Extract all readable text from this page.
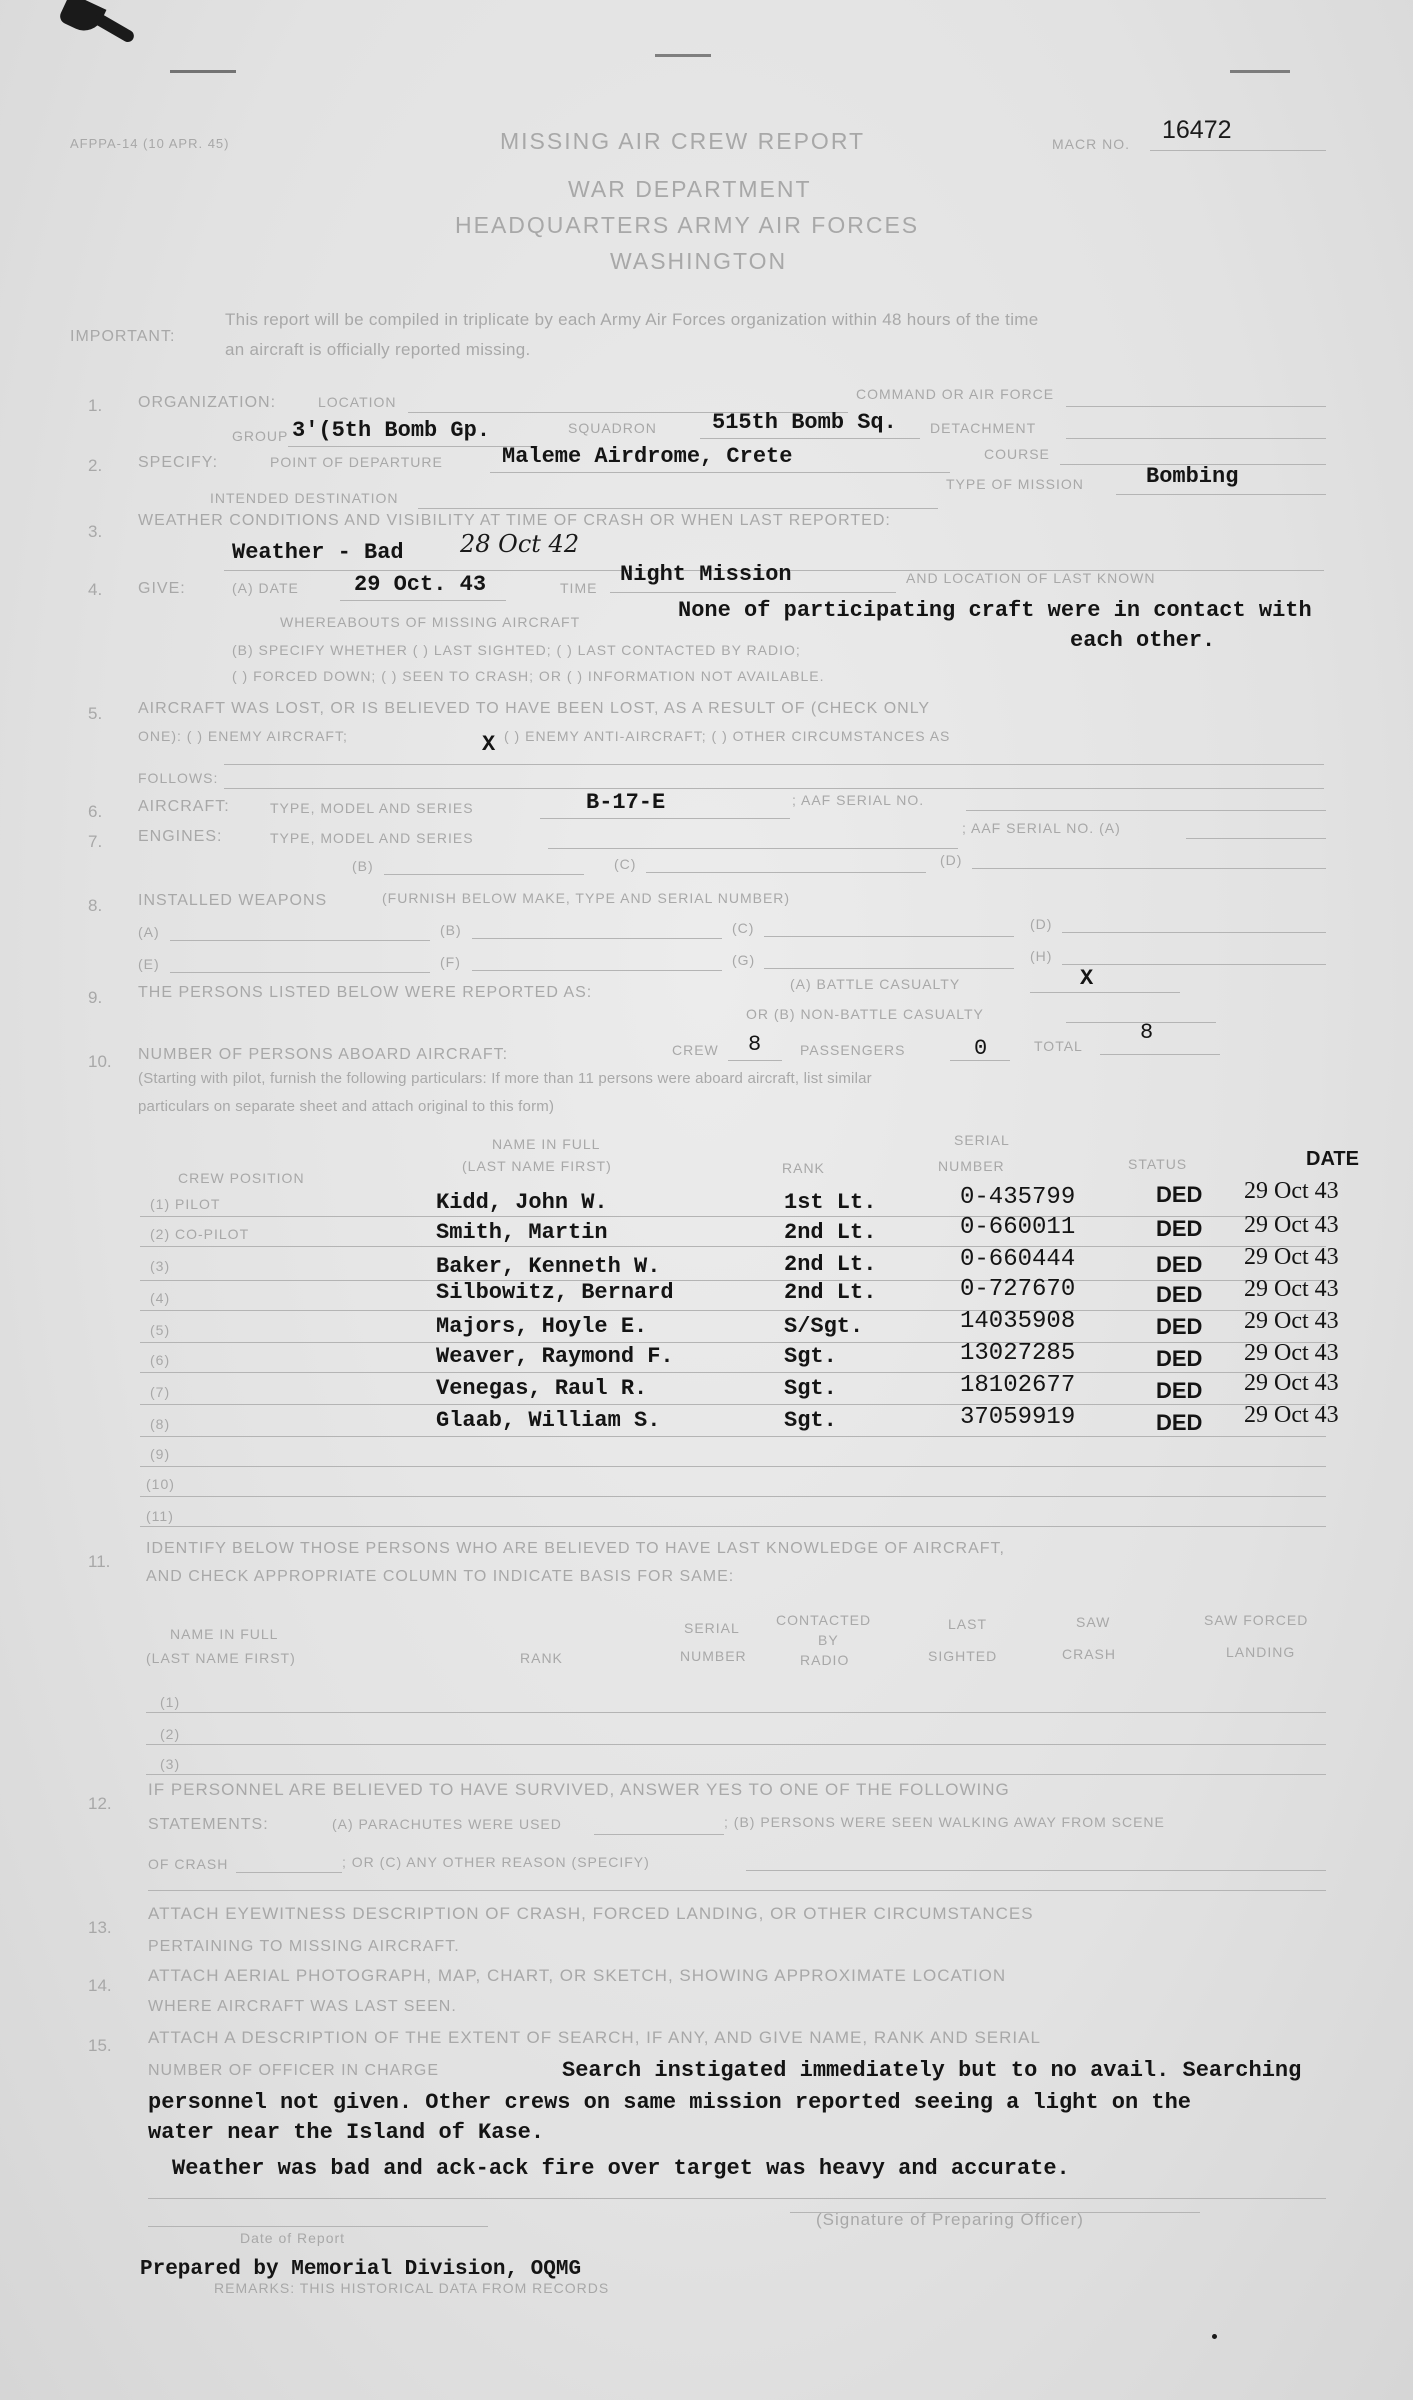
AFPPA-14 (10 APR. 45)	MISSING AIR CREW REPORT	MACR NO. 16472
WAR DEPARTMENT
HEADQUARTERS ARMY AIR FORCES
WASHINGTON
IMPORTANT:
This report will be compiled in triplicate by each Army Air Forces organization within 48 hours of the time
an aircraft is officially reported missing.
1. ORGANIZATION:	LOCATION	COMMAND OR AIR FORCE
GROUP 3'(5th Bomb Gp.	SQUADRON	515th Bomb Sq. DETACHMENT
2. SPECIFY:	POINT OF DEPARTURE	Maleme Airdrome, Crete	COURSE
INTENDED DESTINATION
TYPE OF MISSION	Bombing
3.
WEATHER CONDITIONS AND VISIBILITY AT TIME OF CRASH OR WHEN LAST REPORTED:
Weather - Bad 28 Oct 42
4. GIVE:	(A) DATE	29 Oct. 43	TIME
Night Mission	AND LOCATION OF LAST KNOWN
WHEREABOUTS OF MISSING AIRCRAFT	None of participating craft were in contact with
each other.
(B) SPECIFY WHETHER ( ) LAST SIGHTED; ( ) LAST CONTACTED BY RADIO;
( ) FORCED DOWN; ( ) SEEN TO CRASH; OR ( ) INFORMATION NOT AVAILABLE.
5. AIRCRAFT WAS LOST, OR IS BELIEVED TO HAVE BEEN LOST, AS A RESULT OF (CHECK ONLY
ONE): ( ) ENEMY AIRCRAFT;	X ( ) ENEMY ANTI-AIRCRAFT; ( ) OTHER CIRCUMSTANCES AS
FOLLOWS:
6. AIRCRAFT:	TYPE, MODEL AND SERIES	B-17-E	; AAF SERIAL NO.
7. ENGINES:	TYPE, MODEL AND SERIES
; AAF SERIAL NO. (A)
(B)	(C)	(D)
8. INSTALLED WEAPONS	(FURNISH BELOW MAKE, TYPE AND SERIAL NUMBER)
(A)	(B)	(C)	(D)
(E)	(F)	(G)	(H)
9. THE PERSONS LISTED BELOW WERE REPORTED AS:	(A) BATTLE CASUALTY	X
OR (B) NON-BATTLE CASUALTY
10. NUMBER OF PERSONS ABOARD AIRCRAFT:	CREW 8	PASSENGERS	0	TOTAL
8
(Starting with pilot, furnish the following particulars: If more than 11 persons were aboard aircraft, list similar
particulars on separate sheet and attach original to this form)
NAME IN FULL
(LAST NAME FIRST)
SERIAL
CREW POSITION
RANK	NUMBER	STATUS	DATE
(1) PILOT	Kidd, John W.	1st Lt.	0-435799	DED 29 Oct 43
(2) CO-PILOT	Smith, Martin	2nd Lt.	0-660011	DED 29 Oct 43
(3)	Baker, Kenneth W.	2nd Lt.	0-660444	DED 29 Oct 43
(4)	Silbowitz, Bernard	2nd Lt.	0-727670	DED 29 Oct 43
(5)	Majors, Hoyle E.	S/Sgt.	14035908	DED 29 Oct 43
(6)	Weaver, Raymond F.	Sgt.	13027285	DED 29 Oct 43
(7)	Venegas, Raul R.	Sgt.	18102677	DED 29 Oct 43
(8)	Glaab, William S.	Sgt.	37059919	DED 29 Oct 43
(9)
(10)
(11)
11.
IDENTIFY BELOW THOSE PERSONS WHO ARE BELIEVED TO HAVE LAST KNOWLEDGE OF AIRCRAFT,
AND CHECK APPROPRIATE COLUMN TO INDICATE BASIS FOR SAME:
NAME IN FULL
(LAST NAME FIRST)	RANK
SERIAL
NUMBER
CONTACTED
BY
RADIO
LAST
SIGHTED
SAW
CRASH
SAW FORCED
LANDING
(1)
(2)
(3)
12.
IF PERSONNEL ARE BELIEVED TO HAVE SURVIVED, ANSWER YES TO ONE OF THE FOLLOWING
STATEMENTS:	(A) PARACHUTES WERE USED	; (B) PERSONS WERE SEEN WALKING AWAY FROM SCENE
OF CRASH	; OR (C) ANY OTHER REASON (SPECIFY)
13.
ATTACH EYEWITNESS DESCRIPTION OF CRASH, FORCED LANDING, OR OTHER CIRCUMSTANCES
PERTAINING TO MISSING AIRCRAFT.
14.
ATTACH AERIAL PHOTOGRAPH, MAP, CHART, OR SKETCH, SHOWING APPROXIMATE LOCATION
WHERE AIRCRAFT WAS LAST SEEN.
15. ATTACH A DESCRIPTION OF THE EXTENT OF SEARCH, IF ANY, AND GIVE NAME, RANK AND SERIAL
NUMBER OF OFFICER IN CHARGE	Search instigated immediately but to no avail. Searching
personnel not given. Other crews on same mission reported seeing a light on the
water near the Island of Kase.
Weather was bad and ack-ack fire over target was heavy and accurate.
Date of Report
(Signature of Preparing Officer)
REMARKS: THIS HISTORICAL DATA FROM RECORDS
Prepared by Memorial Division, OQMG
